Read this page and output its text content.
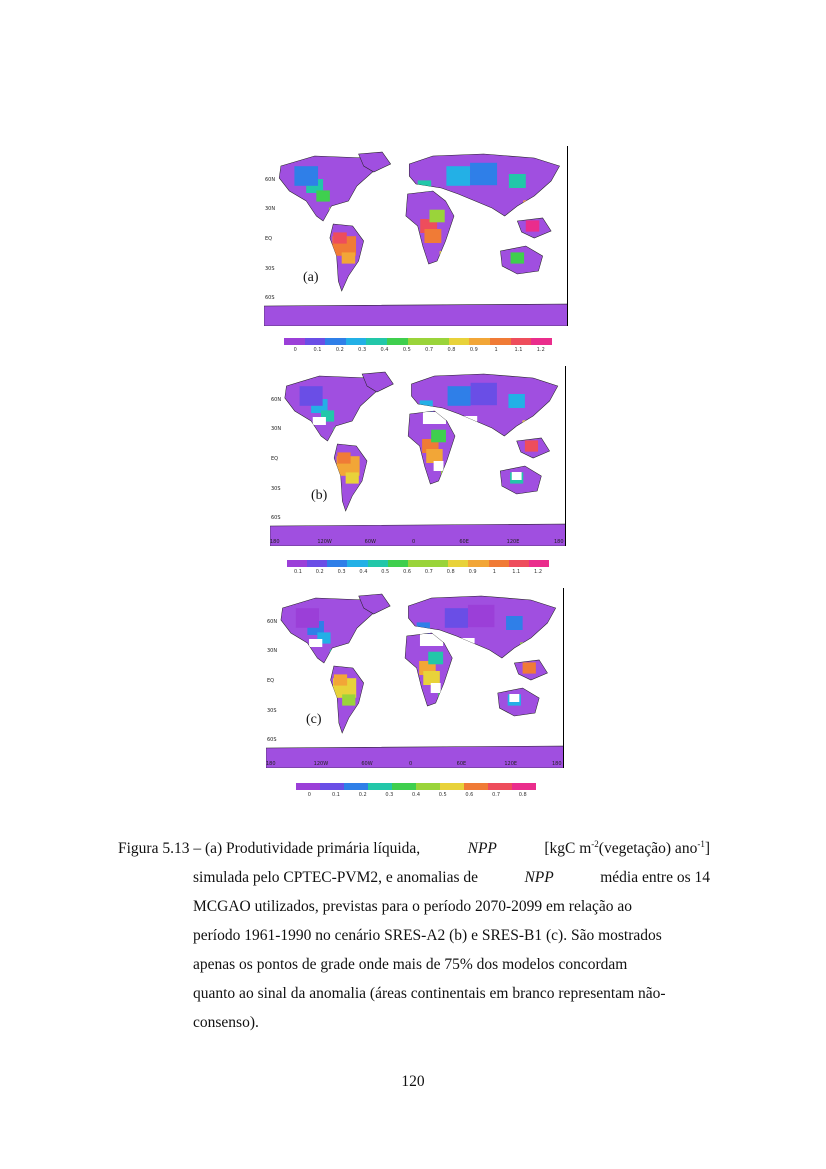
60N
30N
EQ
30S
60S
(a)
0	0.1	0.2	0.3	0.4	0.5	0.7	0.8	0.9	1	1.1	1.2
60N
30N
EQ
30S
60S
180	120W	60W	0	60E	120E	180
(b)
0.1	0.2	0.3	0.4	0.5	0.6	0.7	0.8	0.9	1	1.1	1.2
60N
30N
EQ
30S
60S
180	120W	60W	0	60E	120E	180
(c)
0	0.1	0.2	0.3	0.4	0.5	0.6	0.7	0.8
Figura 5.13 – (a) Produtividade primária líquida,	NPP	[kgC $m^{-2}(vegetação)$ ano$^{-1}$]
simulada pelo CPTEC-PVM2, e anomalias de	NPP	média entre os 14
MCGAO utilizados, previstas para o período 2070-2099 em relação ao
período 1961-1990 no cenário SRES-A2 (b) e SRES-B1 (c). São mostrados
apenas os pontos de grade onde mais de 75% dos modelos concordam
quanto ao sinal da anomalia (áreas continentais em branco representam não-
consenso).
120
